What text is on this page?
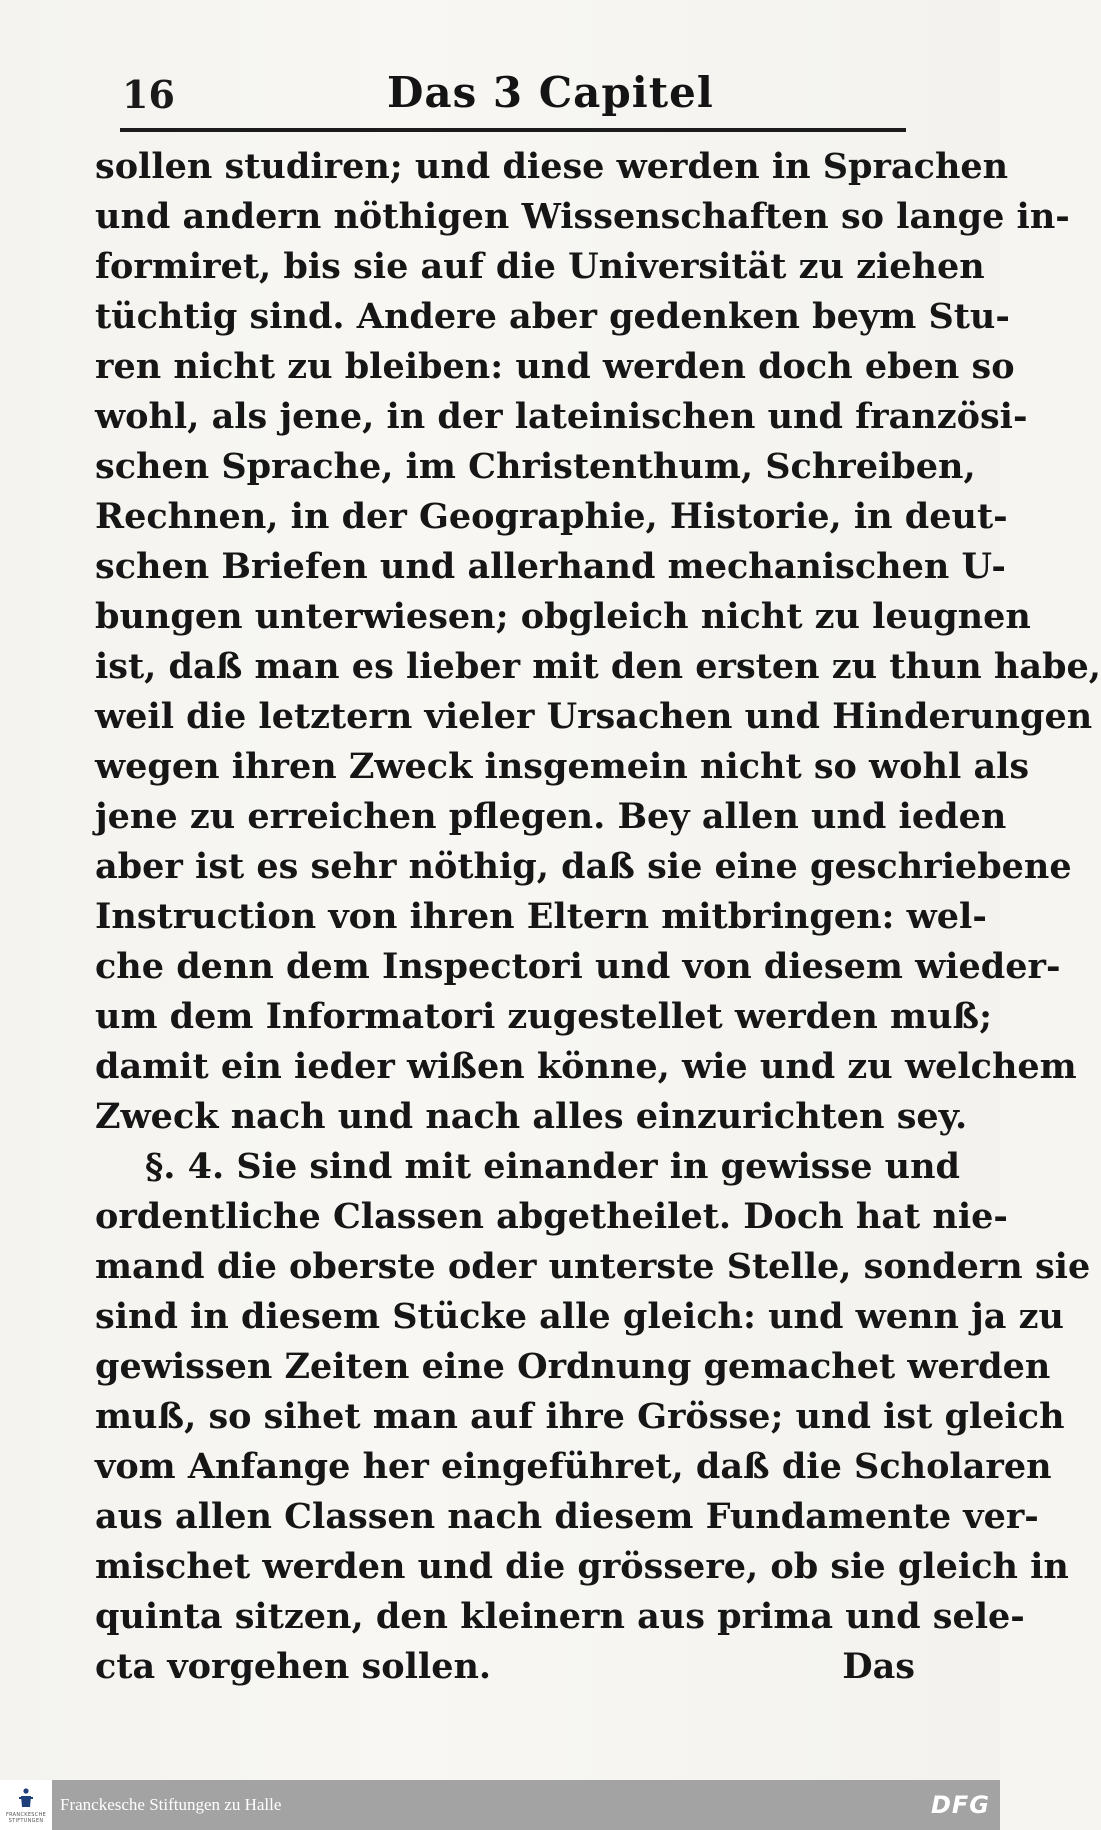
16	Das 3 Capitel
sollen studiren; und diese werden in Sprachen
und andern nöthigen Wissenschaften so lange in-
formiret, bis sie auf die Universität zu ziehen
tüchtig sind. Andere aber gedenken beym Stu-
ren nicht zu bleiben: und werden doch eben so
wohl, als jene, in der lateinischen und französi-
schen Sprache, im Christenthum, Schreiben,
Rechnen, in der Geographie, Historie, in deut-
schen Briefen und allerhand mechanischen U-
bungen unterwiesen; obgleich nicht zu leugnen
ist, daß man es lieber mit den ersten zu thun habe,
weil die letztern vieler Ursachen und Hinderungen
wegen ihren Zweck insgemein nicht so wohl als
jene zu erreichen pflegen. Bey allen und ieden
aber ist es sehr nöthig, daß sie eine geschriebene
Instruction von ihren Eltern mitbringen: wel-
che denn dem Inspectori und von diesem wieder-
um dem Informatori zugestellet werden muß;
damit ein ieder wißen könne, wie und zu welchem
Zweck nach und nach alles einzurichten sey.
§. 4. Sie sind mit einander in gewisse und
ordentliche Classen abgetheilet. Doch hat nie-
mand die oberste oder unterste Stelle, sondern sie
sind in diesem Stücke alle gleich: und wenn ja zu
gewissen Zeiten eine Ordnung gemachet werden
muß, so sihet man auf ihre Grösse; und ist gleich
vom Anfange her eingeführet, daß die Scholaren
aus allen Classen nach diesem Fundamente ver-
mischet werden und die grössere, ob sie gleich in
quinta sitzen, den kleinern aus prima und sele-
cta vorgehen sollen.	Das
FRANCKESCHE STIFTUNGEN
Franckesche Stiftungen zu Halle	DFG
